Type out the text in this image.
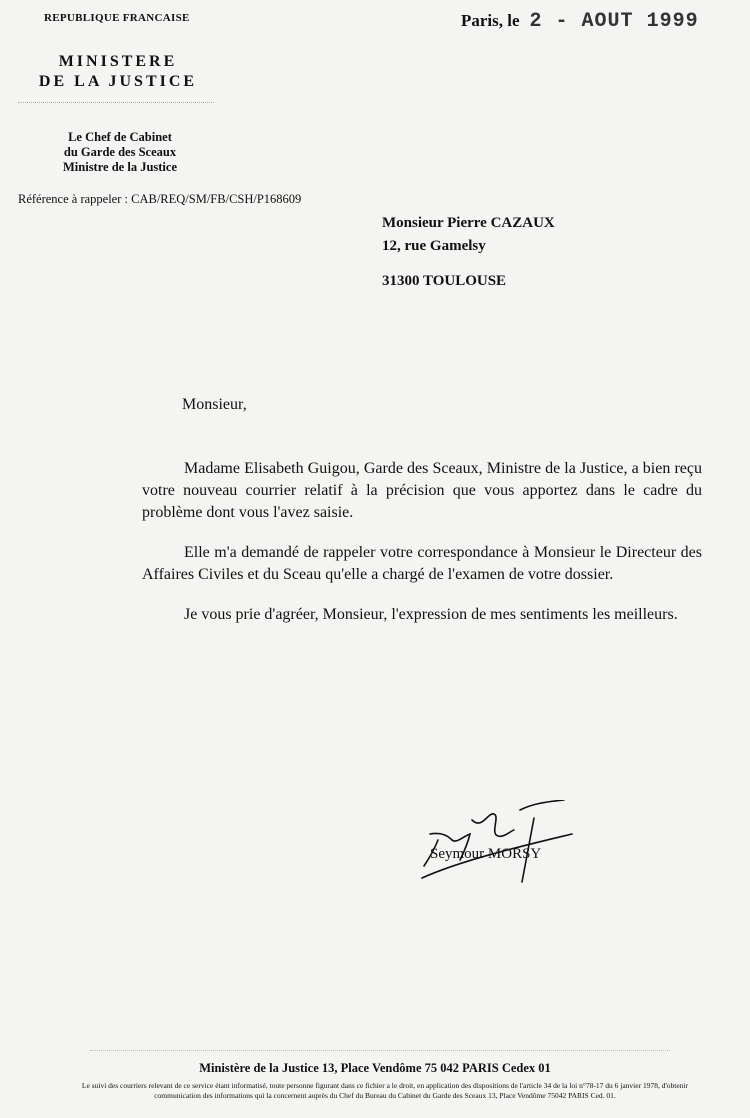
REPUBLIQUE FRANCAISE
MINISTERE
DE LA JUSTICE
Le Chef de Cabinet
du Garde des Sceaux
Ministre de la Justice
Référence à rappeler : CAB/REQ/SM/FB/CSH/P168609
Paris, le 2 - AOUT 1999
Monsieur Pierre CAZAUX
12, rue Gamelsy
31300 TOULOUSE
Monsieur,

Madame Elisabeth Guigou, Garde des Sceaux, Ministre de la Justice, a bien reçu votre nouveau courrier relatif à la précision que vous apportez dans le cadre du problème dont vous l'avez saisie.

Elle m'a demandé de rappeler votre correspondance à Monsieur le Directeur des Affaires Civiles et du Sceau qu'elle a chargé de l'examen de votre dossier.

Je vous prie d'agréer, Monsieur, l'expression de mes sentiments les meilleurs.

Seymour MORSY
Ministère de la Justice 13, Place Vendôme 75 042 PARIS Cedex 01
Le suivi des courriers relevant de ce service étant informatisé, toute personne figurant dans ce fichier a le droit, en application des dispositions de l'article 34 de la loi n°78-17 du 6 janvier 1978, d'obtenir communication des informations qui la concernent auprès du Chef du Bureau du Cabinet du Garde des Sceaux 13, Place Vendôme 75042 PARIS Ced. 01.
